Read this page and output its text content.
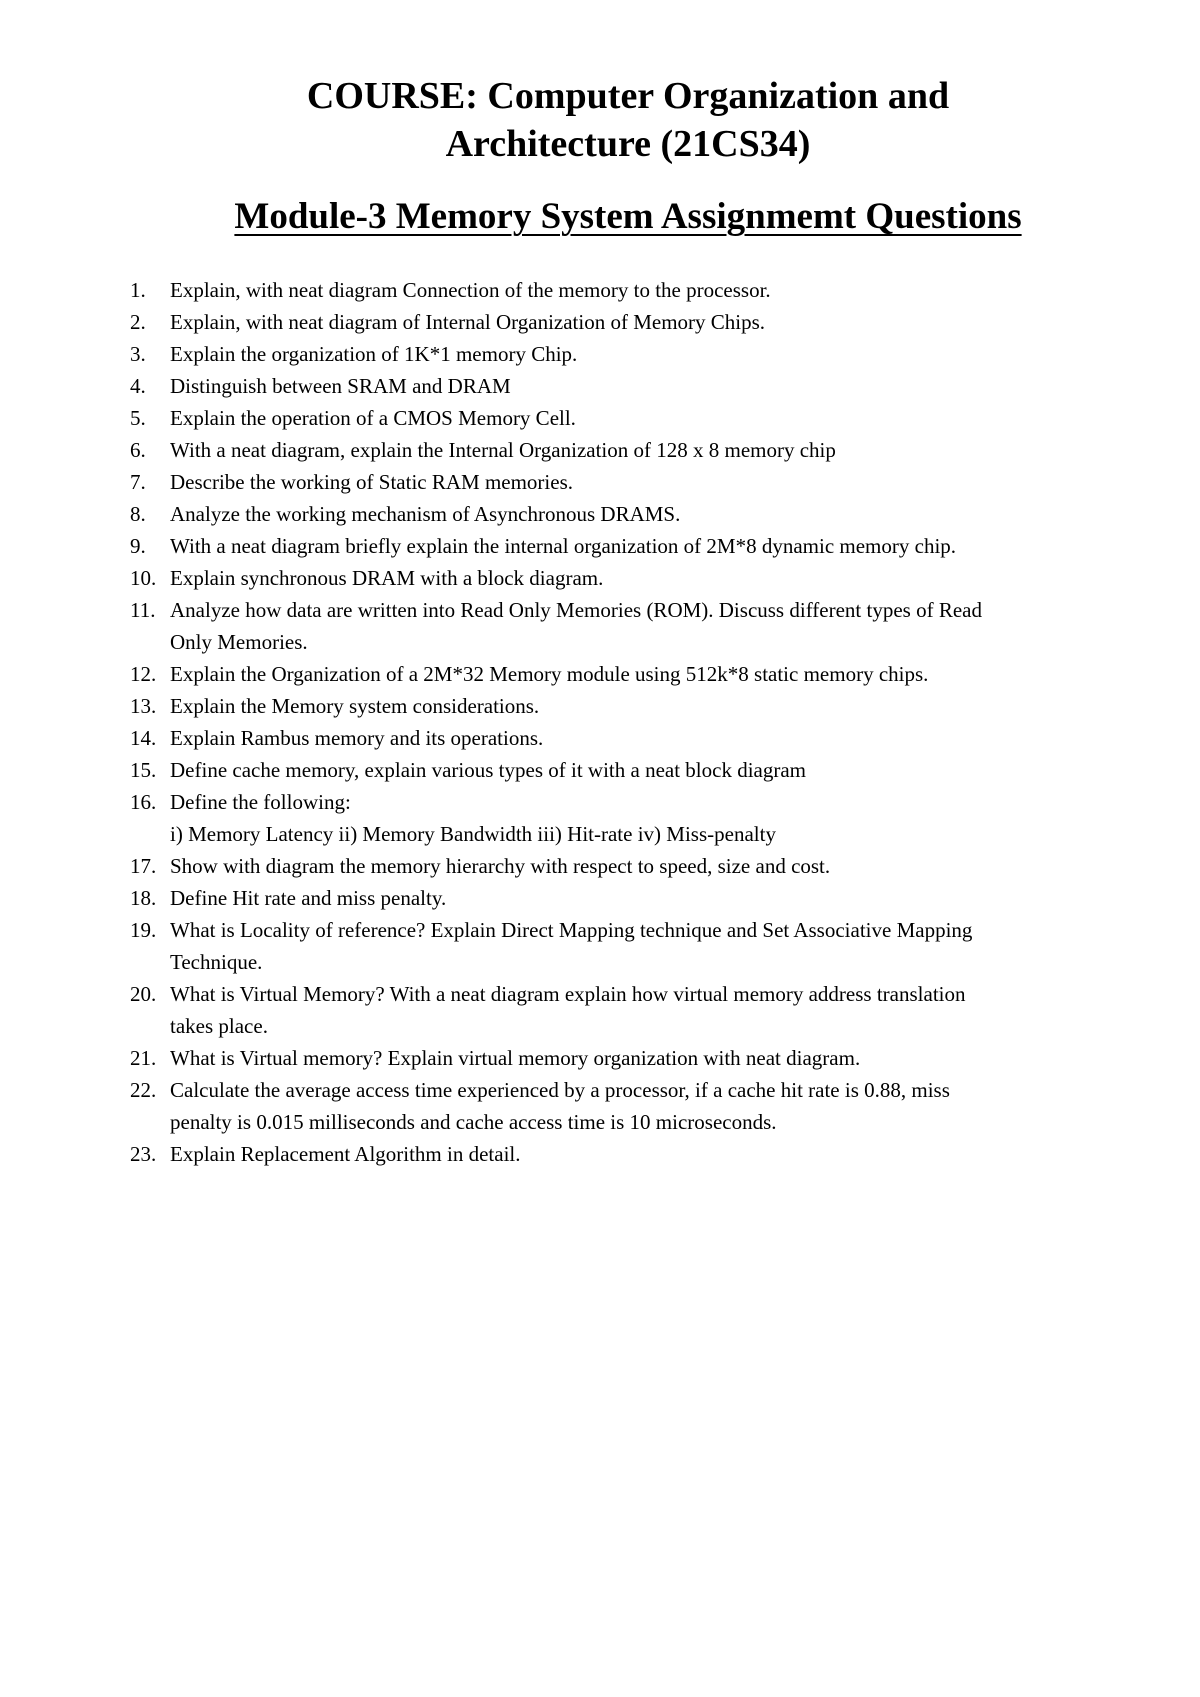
COURSE: Computer Organization and
Architecture (21CS34)
Module-3 Memory System Assignmemt Questions
1. Explain, with neat diagram Connection of the memory to the processor.
2. Explain, with neat diagram of Internal Organization of Memory Chips.
3. Explain the organization of 1K*1 memory Chip.
4. Distinguish between SRAM and DRAM
5. Explain the operation of a CMOS Memory Cell.
6. With a neat diagram, explain the Internal Organization of 128 x 8 memory chip
7. Describe the working of Static RAM memories.
8. Analyze the working mechanism of Asynchronous DRAMS.
9. With a neat diagram briefly explain the internal organization of 2M*8 dynamic memory chip.
10. Explain synchronous DRAM with a block diagram.
11. Analyze how data are written into Read Only Memories (ROM). Discuss different types of Read
Only Memories.
12. Explain the Organization of a 2M*32 Memory module using 512k*8 static memory chips.
13. Explain the Memory system considerations.
14. Explain Rambus memory and its operations.
15. Define cache memory, explain various types of it with a neat block diagram
16. Define the following:
i) Memory Latency ii) Memory Bandwidth iii) Hit-rate iv) Miss-penalty
17. Show with diagram the memory hierarchy with respect to speed, size and cost.
18. Define Hit rate and miss penalty.
19. What is Locality of reference? Explain Direct Mapping technique and Set Associative Mapping
Technique.
20. What is Virtual Memory? With a neat diagram explain how virtual memory address translation
takes place.
21. What is Virtual memory? Explain virtual memory organization with neat diagram.
22. Calculate the average access time experienced by a processor, if a cache hit rate is 0.88, miss
penalty is 0.015 milliseconds and cache access time is 10 microseconds.
23. Explain Replacement Algorithm in detail.
